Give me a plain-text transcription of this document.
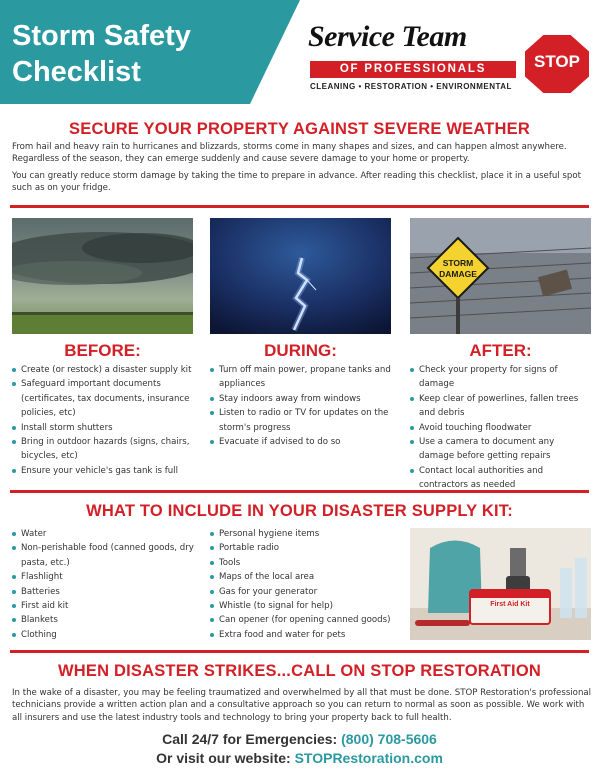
Storm Safety
Checklist
Service Team
OF PROFESSIONALS
CLEANING • RESTORATION • ENVIRONMENTAL
STOP
SECURE YOUR PROPERTY AGAINST SEVERE WEATHER
From hail and heavy rain to hurricanes and blizzards, storms come in many shapes and sizes, and can happen almost anywhere. Regardless of the season, they can emerge suddenly and cause severe damage to your home or property.
You can greatly reduce storm damage by taking the time to prepare in advance. After reading this checklist, place it in a useful spot such as on your fridge.
STORM
DAMAGE
BEFORE:	DURING:	AFTER:
Create (or restock) a disaster supply kit
Safeguard important documents (certificates, tax documents, insurance policies, etc)
Install storm shutters
Bring in outdoor hazards (signs, chairs, bicycles, etc)
Ensure your vehicle's gas tank is full
Turn off main power, propane tanks and appliances
Stay indoors away from windows
Listen to radio or TV for updates on the storm's progress
Evacuate if advised to do so
Check your property for signs of damage
Keep clear of powerlines, fallen trees and debris
Avoid touching floodwater
Use a camera to document any damage before getting repairs
Contact local authorities and contractors as needed
WHAT TO INCLUDE IN YOUR DISASTER SUPPLY KIT:
Water
Non-perishable food (canned goods, dry pasta, etc.)
Flashlight
Batteries
First aid kit
Blankets
Clothing
Personal hygiene items
Portable radio
Tools
Maps of the local area
Gas for your generator
Whistle (to signal for help)
Can opener (for opening canned goods)
Extra food and water for pets
First Aid Kit
WHEN DISASTER STRIKES...CALL ON STOP RESTORATION
In the wake of a disaster, you may be feeling traumatized and overwhelmed by all that must be done. STOP Restoration's professional technicians provide a written action plan and a consultative approach so you can return to normal as soon as possible. We work with all insurers and use the latest industry tools and technology to bring your property back to full health.
Call 24/7 for Emergencies: (800) 708-5606
Or visit our website: STOPRestoration.com
